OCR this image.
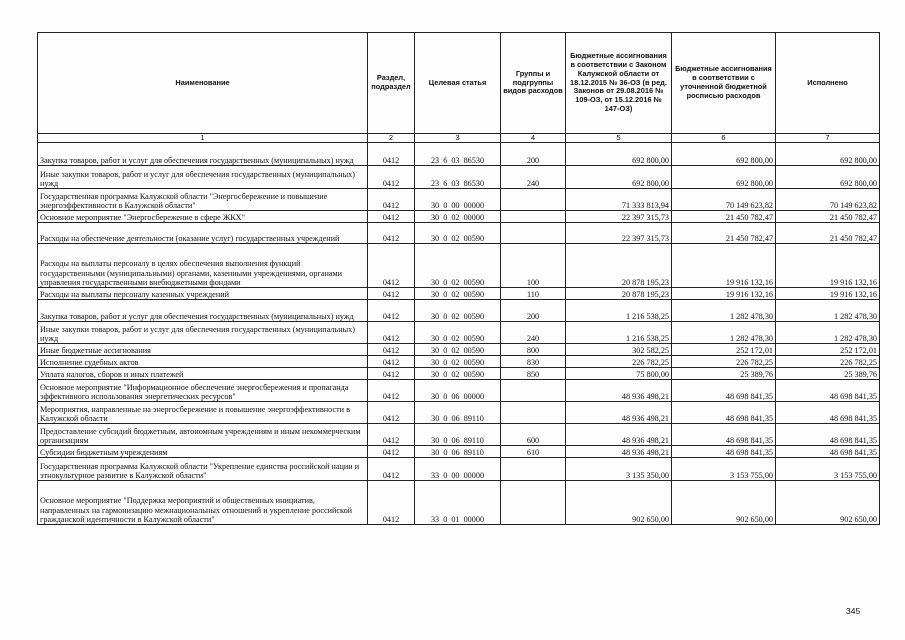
Наименование	Раздел, подраздел	Целевая статья	Группы и подгруппы видов расходов	Бюджетные ассигнования в соответствии с Законом Калужской области от 18.12.2015 № 36-ОЗ (в ред. Законов от 29.08.2016 № 109-ОЗ, от 15.12.2016 № 147-ОЗ)	Бюджетные ассигнования в соответствии с уточненной бюджетной росписью расходов	Исполнено
1	2	3	4	5	6	7
Закупка товаров, работ и услуг для обеспечения государственных (муниципальных) нужд	0412	23 6 03 86530	200	692 800,00	692 800,00	692 800,00
Иные закупки товаров, работ и услуг для обеспечения государственных (муниципальных) нужд	0412	23 6 03 86530	240	692 800,00	692 800,00	692 800,00
Государственная программа Калужской области "Энергосбережение и повышение энергоэффективности в Калужской области"	0412	30 0 00 00000		71 333 813,94	70 149 623,82	70 149 623,82
Основное мероприятие "Энергосбережение в сфере ЖКХ"	0412	30 0 02 00000		22 397 315,73	21 450 782,47	21 450 782,47
Расходы на обеспечение деятельности (оказание услуг) государственных учреждений	0412	30 0 02 00590		22 397 315,73	21 450 782,47	21 450 782,47
Расходы на выплаты персоналу в целях обеспечения выполнения функций государственными (муниципальными) органами, казенными учреждениями, органами управления государственными внебюджетными фондами	0412	30 0 02 00590	100	20 878 195,23	19 916 132,16	19 916 132,16
Расходы на выплаты персоналу казенных учреждений	0412	30 0 02 00590	110	20 878 195,23	19 916 132,16	19 916 132,16
Закупка товаров, работ и услуг для обеспечения государственных (муниципальных) нужд	0412	30 0 02 00590	200	1 216 538,25	1 282 478,30	1 282 478,30
Иные закупки товаров, работ и услуг для обеспечения государственных (муниципальных) нужд	0412	30 0 02 00590	240	1 216 538,25	1 282 478,30	1 282 478,30
Иные бюджетные ассигнования	0412	30 0 02 00590	800	302 582,25	252 172,01	252 172,01
Исполнение судебных актов	0412	30 0 02 00590	830	226 782,25	226 782,25	226 782,25
Уплата налогов, сборов и иных платежей	0412	30 0 02 00590	850	75 800,00	25 389,76	25 389,76
Основное мероприятие "Информационное обеспечение энергосбережения и пропаганда эффективного использования энергетических ресурсов"	0412	30 0 06 00000		48 936 498,21	48 698 841,35	48 698 841,35
Мероприятия, направленные на энергосбережение и повышение энергоэффективности в Калужской области	0412	30 0 06 89110		48 936 498,21	48 698 841,35	48 698 841,35
Предоставление субсидий бюджетным, автономным учреждениям и иным некоммерческим организациям	0412	30 0 06 89110	600	48 936 498,21	48 698 841,35	48 698 841,35
Субсидии бюджетным учреждениям	0412	30 0 06 89110	610	48 936 498,21	48 698 841,35	48 698 841,35
Государственная программа Калужской области "Укрепление единства российской нации и этнокультурное развитие в Калужской области"	0412	33 0 00 00000		3 135 350,00	3 153 755,00	3 153 755,00
Основное мероприятие "Поддержка мероприятий и общественных инициатив, направленных на гармонизацию межнациональных отношений и укрепление российской гражданской идентичности в Калужской области"	0412	33 0 01 00000		902 650,00	902 650,00	902 650,00
345
